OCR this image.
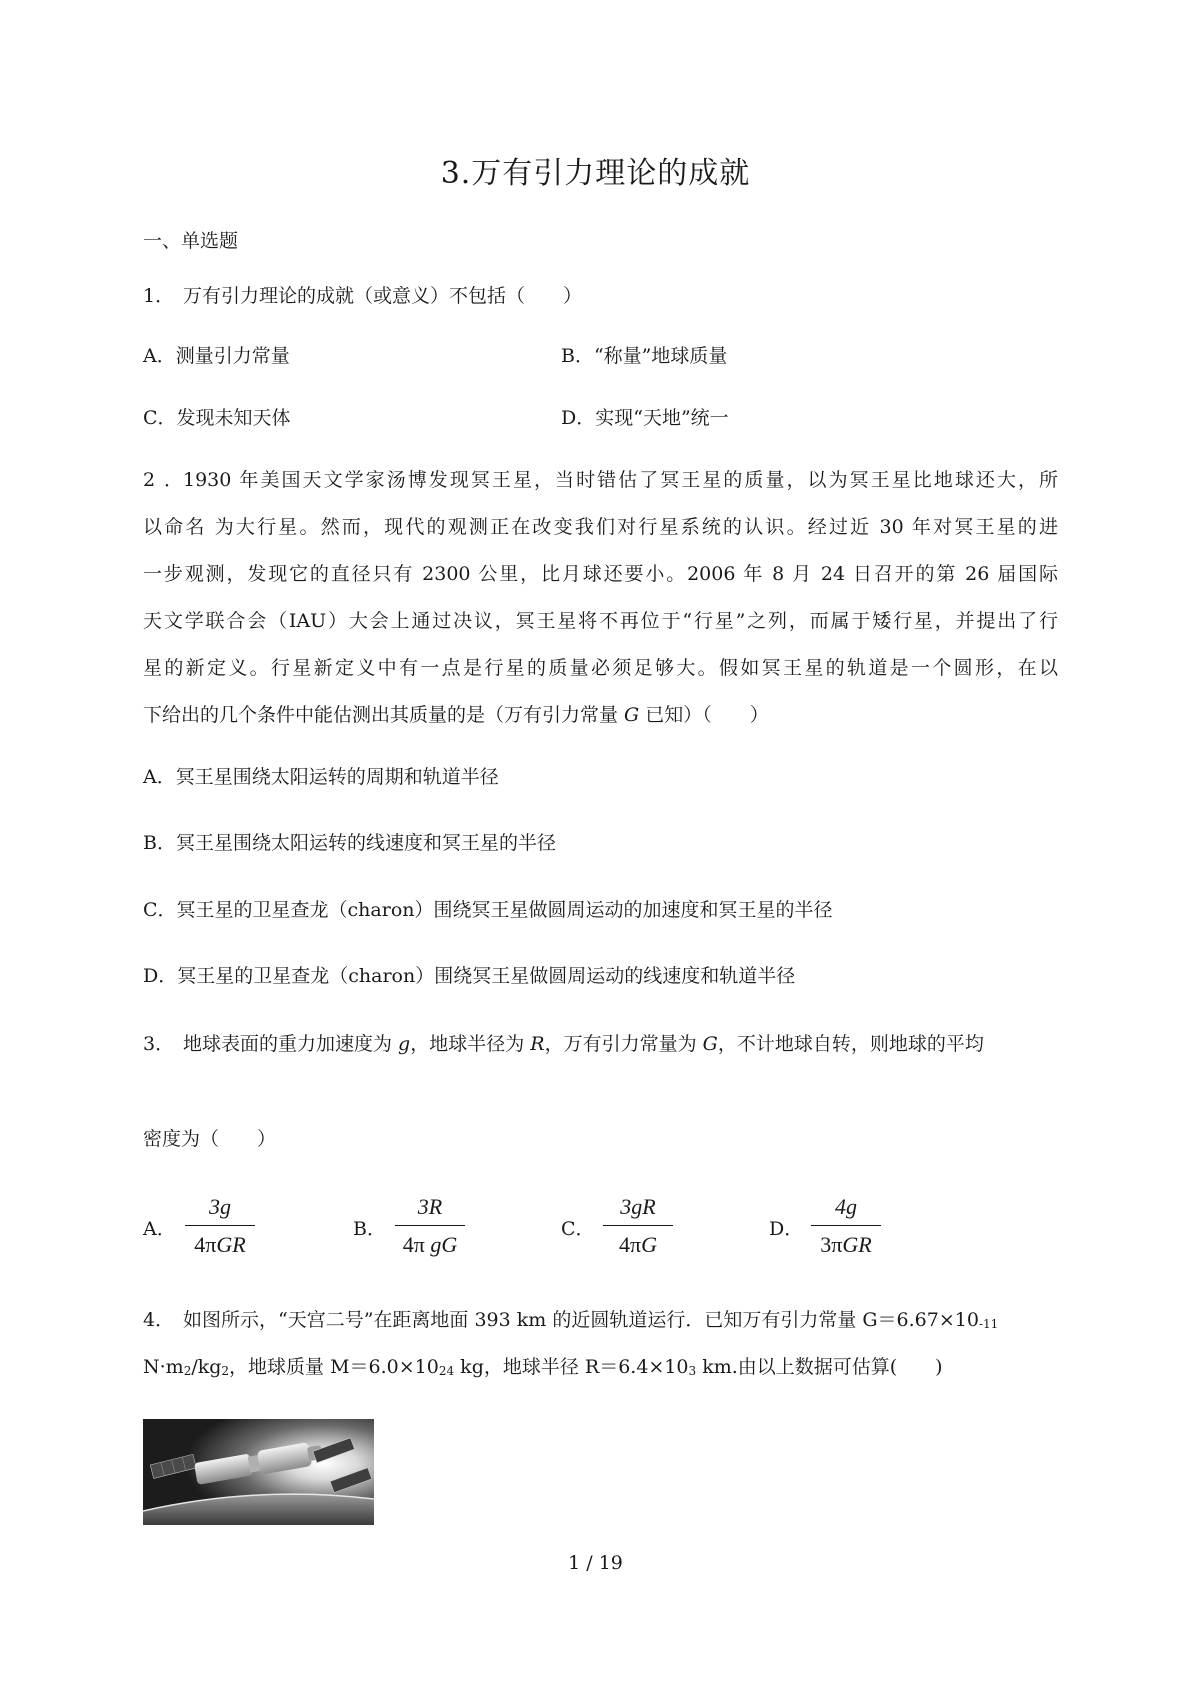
3.万有引力理论的成就
一、单选题
1． 万有引力理论的成就（或意义）不包括（　　）
A．测量引力常量	B．“称量”地球质量
C．发现未知天体	D．实现“天地”统一
2．1930 年美国天文学家汤博发现冥王星，当时错估了冥王星的质量，以为冥王星比地球还大，所
以命名 为大行星。然而，现代的观测正在改变我们对行星系统的认识。经过近 30 年对冥王星的进
一步观测，发现它的直径只有 2300 公里，比月球还要小。2006 年 8 月 24 日召开的第 26 届国际
天文学联合会（IAU）大会上通过决议，冥王星将不再位于“行星”之列，而属于矮行星，并提出了行
星的新定义。行星新定义中有一点是行星的质量必须足够大。假如冥王星的轨道是一个圆形，在以
下给出的几个条件中能估测出其质量的是（万有引力常量 G 已知）（　　）
A．冥王星围绕太阳运转的周期和轨道半径
B．冥王星围绕太阳运转的线速度和冥王星的半径
C．冥王星的卫星查龙（charon）围绕冥王星做圆周运动的加速度和冥王星的半径
D．冥王星的卫星查龙（charon）围绕冥王星做圆周运动的线速度和轨道半径
3． 地球表面的重力加速度为 g，地球半径为 R，万有引力常量为 G，不计地球自转，则地球的平均
密度为（　　）
A．
3g
4πGR
B．
3R
4π gG
C．
3gR
4πG
D．
4g
3πGR
4． 如图所示，“天宫二号”在距离地面 393 km 的近圆轨道运行．已知万有引力常量 G＝6.67×10-11
N·m2/kg2，地球质量 M＝6.0×1024 kg，地球半径 R＝6.4×103 km.由以上数据可估算(　　)
1 / 19
